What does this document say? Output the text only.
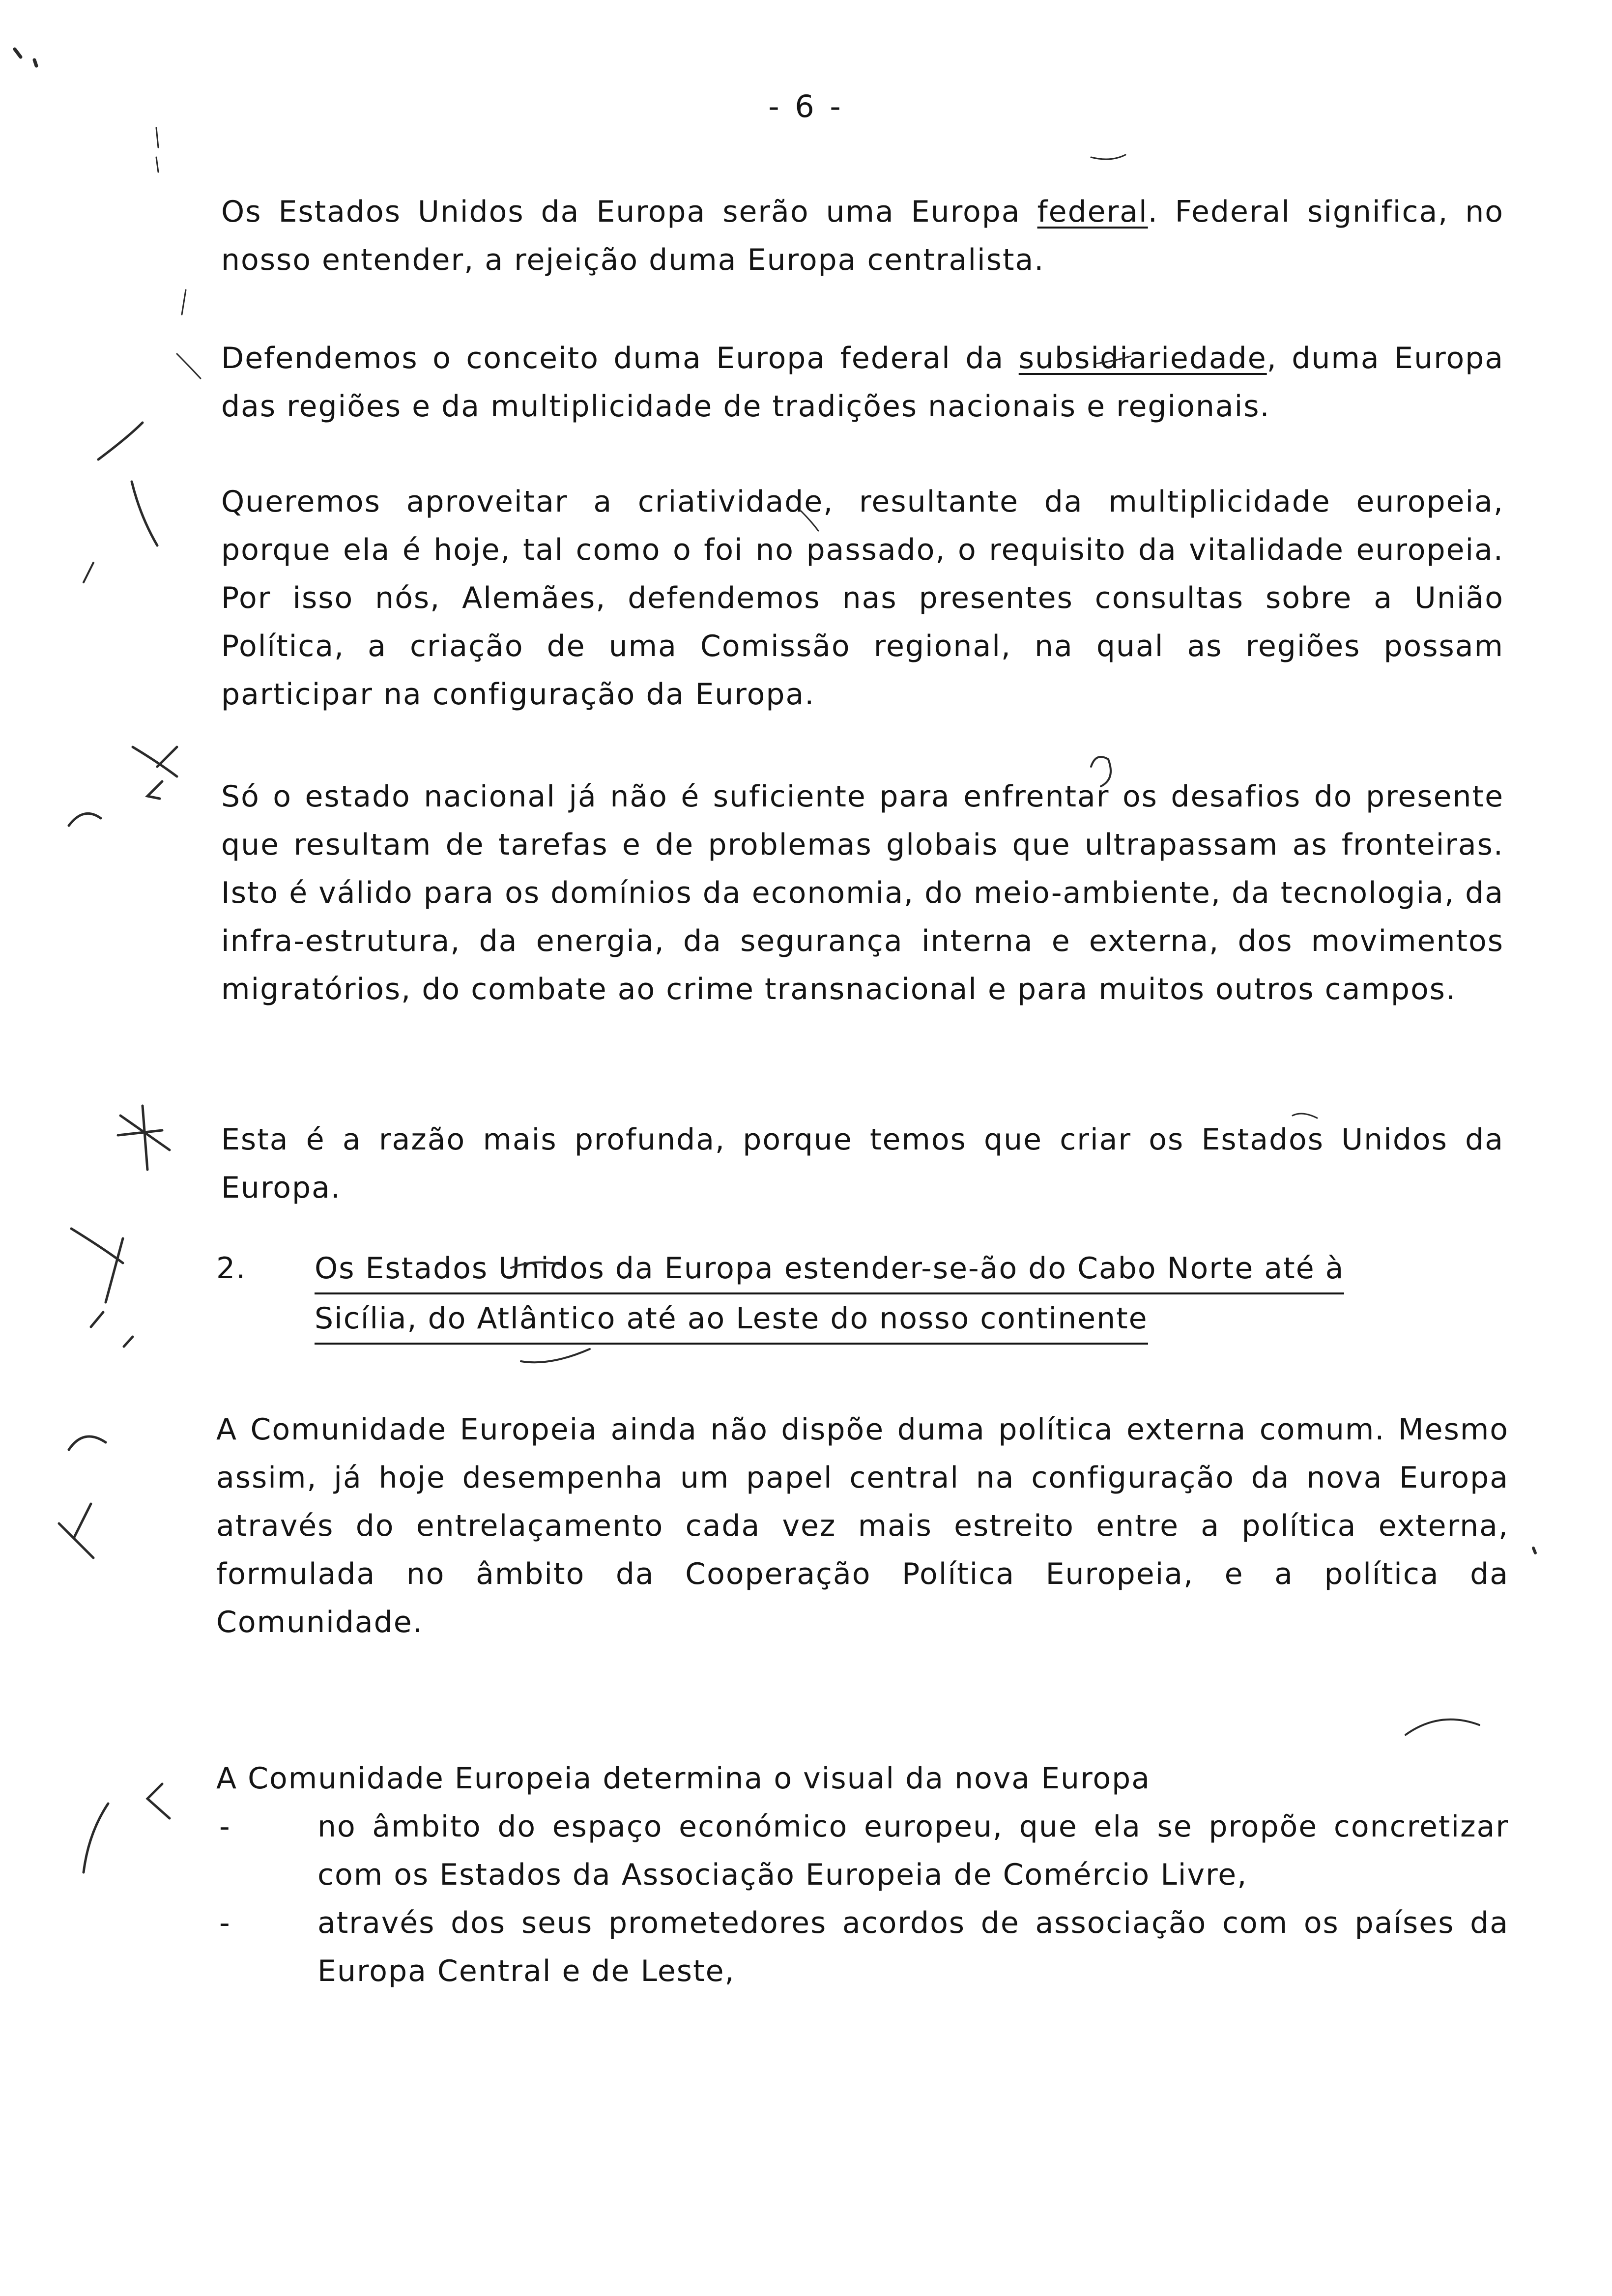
- 6 -
Os Estados Unidos da Europa serão uma Europa federal. Federal significa, no nosso entender, a rejeição duma Europa centralista.
Defendemos o conceito duma Europa federal da subsidiariedade, duma Europa das regiões e da multiplicidade de tradições nacionais e regionais.
Queremos aproveitar a criatividade, resultante da multiplicidade europeia, porque ela é hoje, tal como o foi no passado, o requisito da vitalidade europeia. Por isso nós, Alemães, defendemos nas presentes consultas sobre a União Política, a criação de uma Comissão regional, na qual as regiões possam participar na configuração da Europa.
Só o estado nacional já não é suficiente para enfrentar os desafios do presente que resultam de tarefas e de problemas globais que ultrapassam as fronteiras. Isto é válido para os domínios da economia, do meio-ambiente, da tecnologia, da infra-estrutura, da energia, da segurança interna e externa, dos movimentos migratórios, do combate ao crime transnacional e para muitos outros campos.
Esta é a razão mais profunda, porque temos que criar os Estados Unidos da Europa.
2. Os Estados Unidos da Europa estender-se-ão do Cabo Norte até à
Sicília, do Atlântico até ao Leste do nosso continente
A Comunidade Europeia ainda não dispõe duma política externa comum. Mesmo assim, já hoje desempenha um papel central na configuração da nova Europa através do entrelaçamento cada vez mais estreito entre a política externa, formulada no âmbito da Cooperação Política Europeia, e a política da Comunidade.
A Comunidade Europeia determina o visual da nova Europa
-	no âmbito do espaço económico europeu, que ela se propõe concretizar com os Estados da Associação Europeia de Comércio Livre,
-	através dos seus prometedores acordos de associação com os países da Europa Central e de Leste,
